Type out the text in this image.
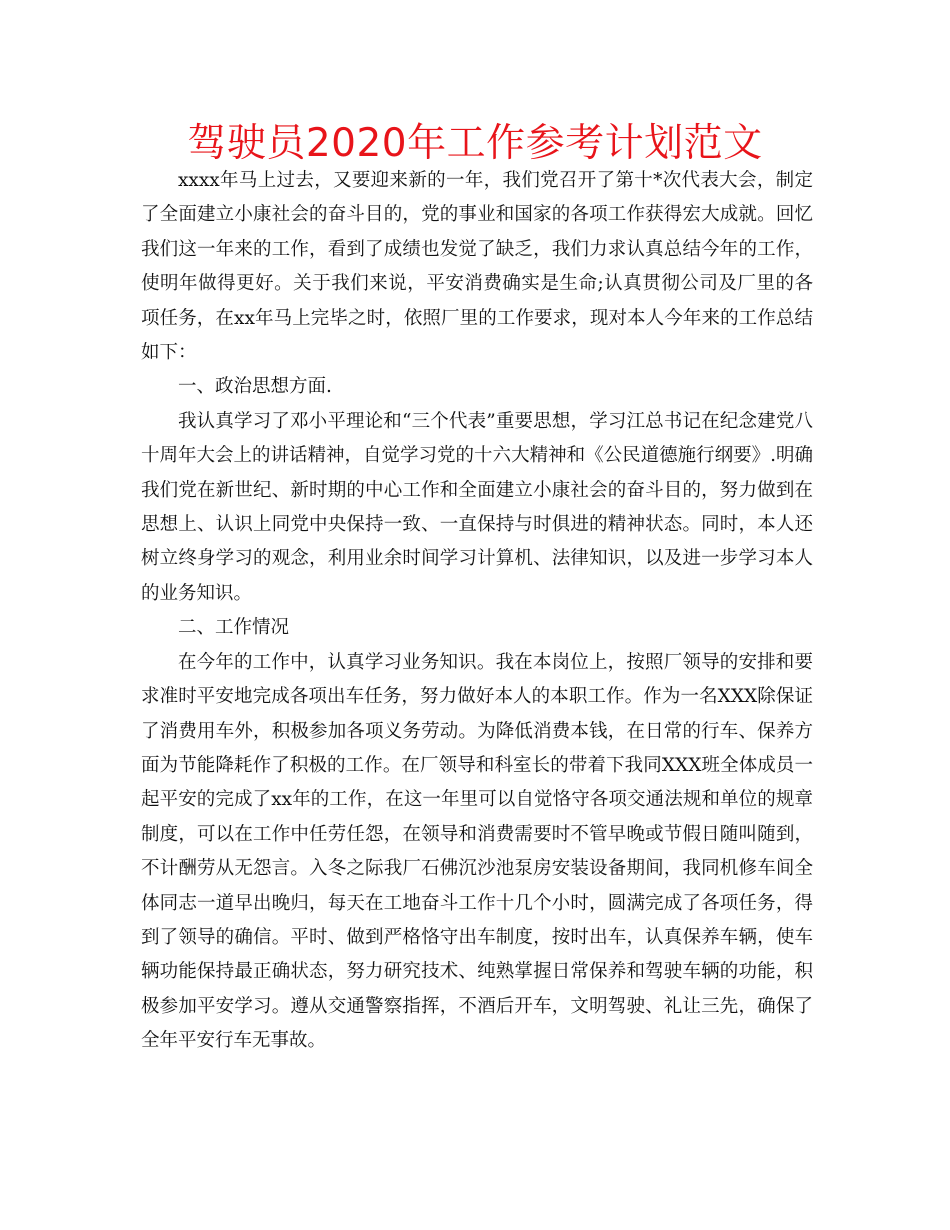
驾驶员2020年工作参考计划范文

xxxx年马上过去，又要迎来新的一年，我们党召开了第十*次代表大会，制定了全面建立小康社会的奋斗目的，党的事业和国家的各项工作获得宏大成就。回忆我们这一年来的工作，看到了成绩也发觉了缺乏，我们力求认真总结今年的工作，使明年做得更好。关于我们来说，平安消费确实是生命;认真贯彻公司及厂里的各项任务，在xx年马上完毕之时，依照厂里的工作要求，现对本人今年来的工作总结如下：

一、政治思想方面.

我认真学习了邓小平理论和“三个代表”重要思想，学习江总书记在纪念建党八十周年大会上的讲话精神，自觉学习党的十六大精神和《公民道德施行纲要》.明确我们党在新世纪、新时期的中心工作和全面建立小康社会的奋斗目的，努力做到在思想上、认识上同党中央保持一致、一直保持与时俱进的精神状态。同时，本人还树立终身学习的观念，利用业余时间学习计算机、法律知识，以及进一步学习本人的业务知识。

二、工作情况

在今年的工作中，认真学习业务知识。我在本岗位上，按照厂领导的安排和要求准时平安地完成各项出车任务，努力做好本人的本职工作。作为一名XXX除保证了消费用车外，积极参加各项义务劳动。为降低消费本钱，在日常的行车、保养方面为节能降耗作了积极的工作。在厂领导和科室长的带着下我同XXX班全体成员一起平安的完成了xx年的工作，在这一年里可以自觉恪守各项交通法规和单位的规章制度，可以在工作中任劳任怨，在领导和消费需要时不管早晚或节假日随叫随到，不计酬劳从无怨言。入冬之际我厂石佛沉沙池泵房安装设备期间，我同机修车间全体同志一道早出晚归，每天在工地奋斗工作十几个小时，圆满完成了各项任务，得到了领导的确信。平时、做到严格恪守出车制度，按时出车，认真保养车辆，使车辆功能保持最正确状态，努力研究技术、纯熟掌握日常保养和驾驶车辆的功能，积极参加平安学习。遵从交通警察指挥，不酒后开车，文明驾驶、礼让三先，确保了全年平安行车无事故。
